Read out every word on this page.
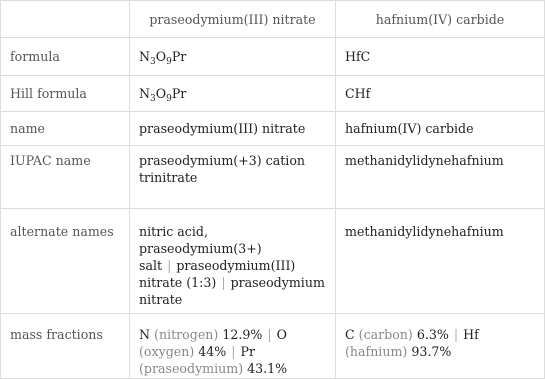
	praseodymium(III) nitrate	hafnium(IV) carbide
formula	$N_3O_9Pr$	HfC
Hill formula	$N_3O_9Pr$	CHf
name	praseodymium(III) nitrate	hafnium(IV) carbide
IUPAC name	praseodymium(+3) cation trinitrate	methanidylidynehafnium
alternate names	nitric acid, praseodymium(3+) salt | praseodymium(III) nitrate (1:3) | praseodymium nitrate	methanidylidynehafnium
mass fractions	N (nitrogen) 12.9% | O (oxygen) 44% | Pr (praseodymium) 43.1%	C (carbon) 6.3% | Hf (hafnium) 93.7%
